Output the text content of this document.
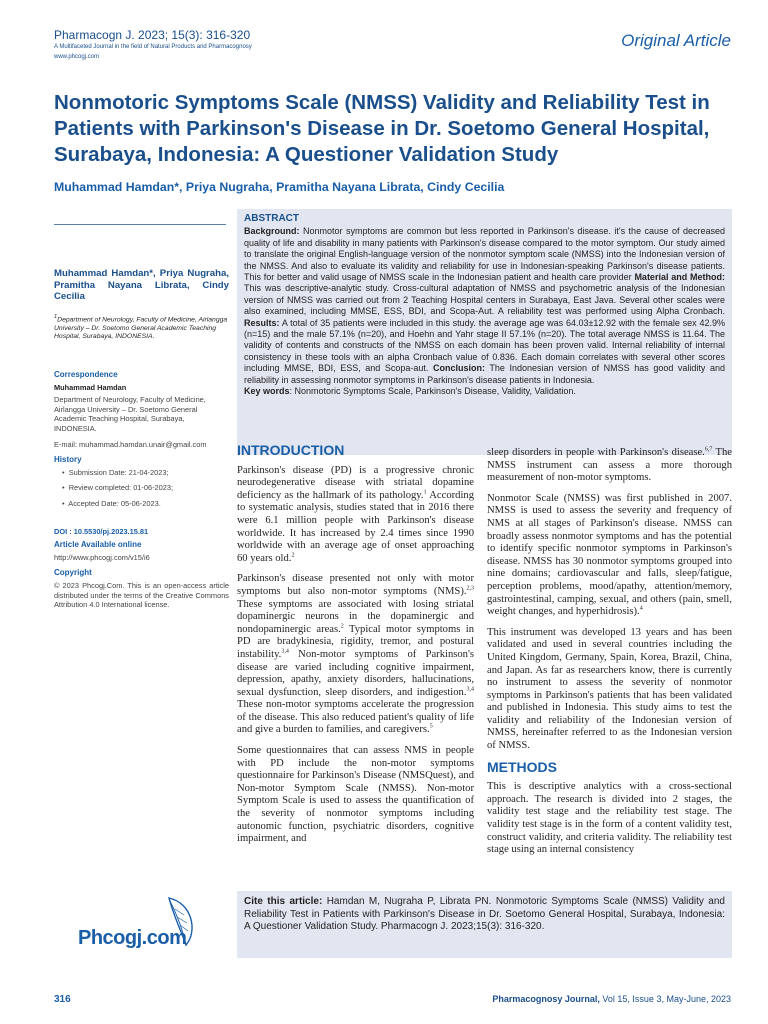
Pharmacogn J. 2023; 15(3): 316-320
A Multifaceted Journal in the field of Natural Products and Pharmacognosy
www.phcogj.com
Original Article
Nonmotoric Symptoms Scale (NMSS) Validity and Reliability Test in Patients with Parkinson's Disease in Dr. Soetomo General Hospital, Surabaya, Indonesia: A Questioner Validation Study
Muhammad Hamdan*, Priya Nugraha, Pramitha Nayana Librata, Cindy Cecilia
ABSTRACT
Background: Nonmotor symptoms are common but less reported in Parkinson's disease. it's the cause of decreased quality of life and disability in many patients with Parkinson's disease compared to the motor symptom. Our study aimed to translate the original English-language version of the nonmotor symptom scale (NMSS) into the Indonesian version of the NMSS. And also to evaluate its validity and reliability for use in Indonesian-speaking Parkinson's disease patients. This for better and valid usage of NMSS scale in the Indonesian patient and health care provider Material and Method: This was descriptive-analytic study. Cross-cultural adaptation of NMSS and psychometric analysis of the Indonesian version of NMSS was carried out from 2 Teaching Hospital centers in Surabaya, East Java. Several other scales were also examined, including MMSE, ESS, BDI, and Scopa-Aut. A reliability test was performed using Alpha Cronbach. Results: A total of 35 patients were included in this study. the average age was 64.03±12.92 with the female sex 42.9% (n=15) and the male 57.1% (n=20), and Hoehn and Yahr stage II 57.1% (n=20). The total average NMSS is 11.64. The validity of contents and constructs of the NMSS on each domain has been proven valid. Internal reliability of internal consistency in these tools with an alpha Cronbach value of 0.836. Each domain correlates with several other scores including MMSE, BDI, ESS, and Scopa-aut. Conclusion: The Indonesian version of NMSS has good validity and reliability in assessing nonmotor symptoms in Parkinson's disease patients in Indonesia.
Key words: Nonmotoric Symptoms Scale, Parkinson's Disease, Validity, Validation.
Muhammad Hamdan*, Priya Nugraha, Pramitha Nayana Librata, Cindy Cecilia
$^1$Department of Neurology, Faculty of Medicine, Airlangga University – Dr. Soetomo General Academic Teaching Hospital, Surabaya, INDONESIA.
Correspondence
Muhammad Hamdan
Department of Neurology, Faculty of Medicine, Airlangga University – Dr. Soetomo General Academic Teaching Hospital, Surabaya, INDONESIA.
E-mail: muhammad.hamdan.unair@gmail.com
History
•  Submission Date: 21-04-2023;
•  Review completed: 01-06-2023;
•  Accepted Date: 05-06-2023.
DOI : 10.5530/pj.2023.15.81
Article Available online
http://www.phcogj.com/v15/i6
Copyright
© 2023 Phcogj.Com. This is an open-access article distributed under the terms of the Creative Commons Attribution 4.0 International license.
Phcogj.com
INTRODUCTION

Parkinson's disease (PD) is a progressive chronic neurodegenerative disease with striatal dopamine deficiency as the hallmark of its pathology.$^1$ According to systematic analysis, studies stated that in 2016 there were 6.1 million people with Parkinson's disease worldwide. It has increased by 2.4 times since 1990 worldwide with an average age of onset approaching 60 years old.$^2$

Parkinson's disease presented not only with motor symptoms but also non-motor symptoms (NMS).$^{2,3}$ These symptoms are associated with losing striatal dopaminergic neurons in the dopaminergic and nondopaminergic areas.$^2$ Typical motor symptoms in PD are bradykinesia, rigidity, tremor, and postural instability.$^{3,4}$ Non-motor symptoms of Parkinson's disease are varied including cognitive impairment, depression, apathy, anxiety disorders, hallucinations, sexual dysfunction, sleep disorders, and indigestion.$^{3,4}$ These non-motor symptoms accelerate the progression of the disease. This also reduced patient's quality of life and give a burden to families, and caregivers.$^5$

Some questionnaires that can assess NMS in people with PD include the non-motor symptoms questionnaire for Parkinson's Disease (NMSQuest), and Non-motor Symptom Scale (NMSS). Non-motor Symptom Scale is used to assess the quantification of the severity of nonmotor symptoms including autonomic function, psychiatric disorders, cognitive impairment, and

sleep disorders in people with Parkinson's disease.$^{6,7}$ The NMSS instrument can assess a more thorough measurement of non-motor symptoms.

Nonmotor Scale (NMSS) was first published in 2007. NMSS is used to assess the severity and frequency of NMS at all stages of Parkinson's disease. NMSS can broadly assess nonmotor symptoms and has the potential to identify specific nonmotor symptoms in Parkinson's disease. NMSS has 30 nonmotor symptoms grouped into nine domains; cardiovascular and falls, sleep/fatigue, perception problems, mood/apathy, attention/memory, gastrointestinal, camping, sexual, and others (pain, smell, weight changes, and hyperhidrosis).$^4$

This instrument was developed 13 years and has been validated and used in several countries including the United Kingdom, Germany, Spain, Korea, Brazil, China, and Japan. As far as researchers know, there is currently no instrument to assess the severity of nonmotor symptoms in Parkinson's patients that has been validated and published in Indonesia. This study aims to test the validity and reliability of the Indonesian version of NMSS, hereinafter referred to as the Indonesian version of NMSS.

METHODS

This is descriptive analytics with a cross-sectional approach. The research is divided into 2 stages, the validity test stage and the reliability test stage. The validity test stage is in the form of a content validity test, construct validity, and criteria validity. The reliability test stage using an internal consistency

Cite this article: Hamdan M, Nugraha P, Librata PN. Nonmotoric Symptoms Scale (NMSS) Validity and Reliability Test in Patients with Parkinson's Disease in Dr. Soetomo General Hospital, Surabaya, Indonesia: A Questioner Validation Study. Pharmacogn J. 2023;15(3): 316-320.
316	Pharmacognosy Journal, Vol 15, Issue 3, May-June, 2023
